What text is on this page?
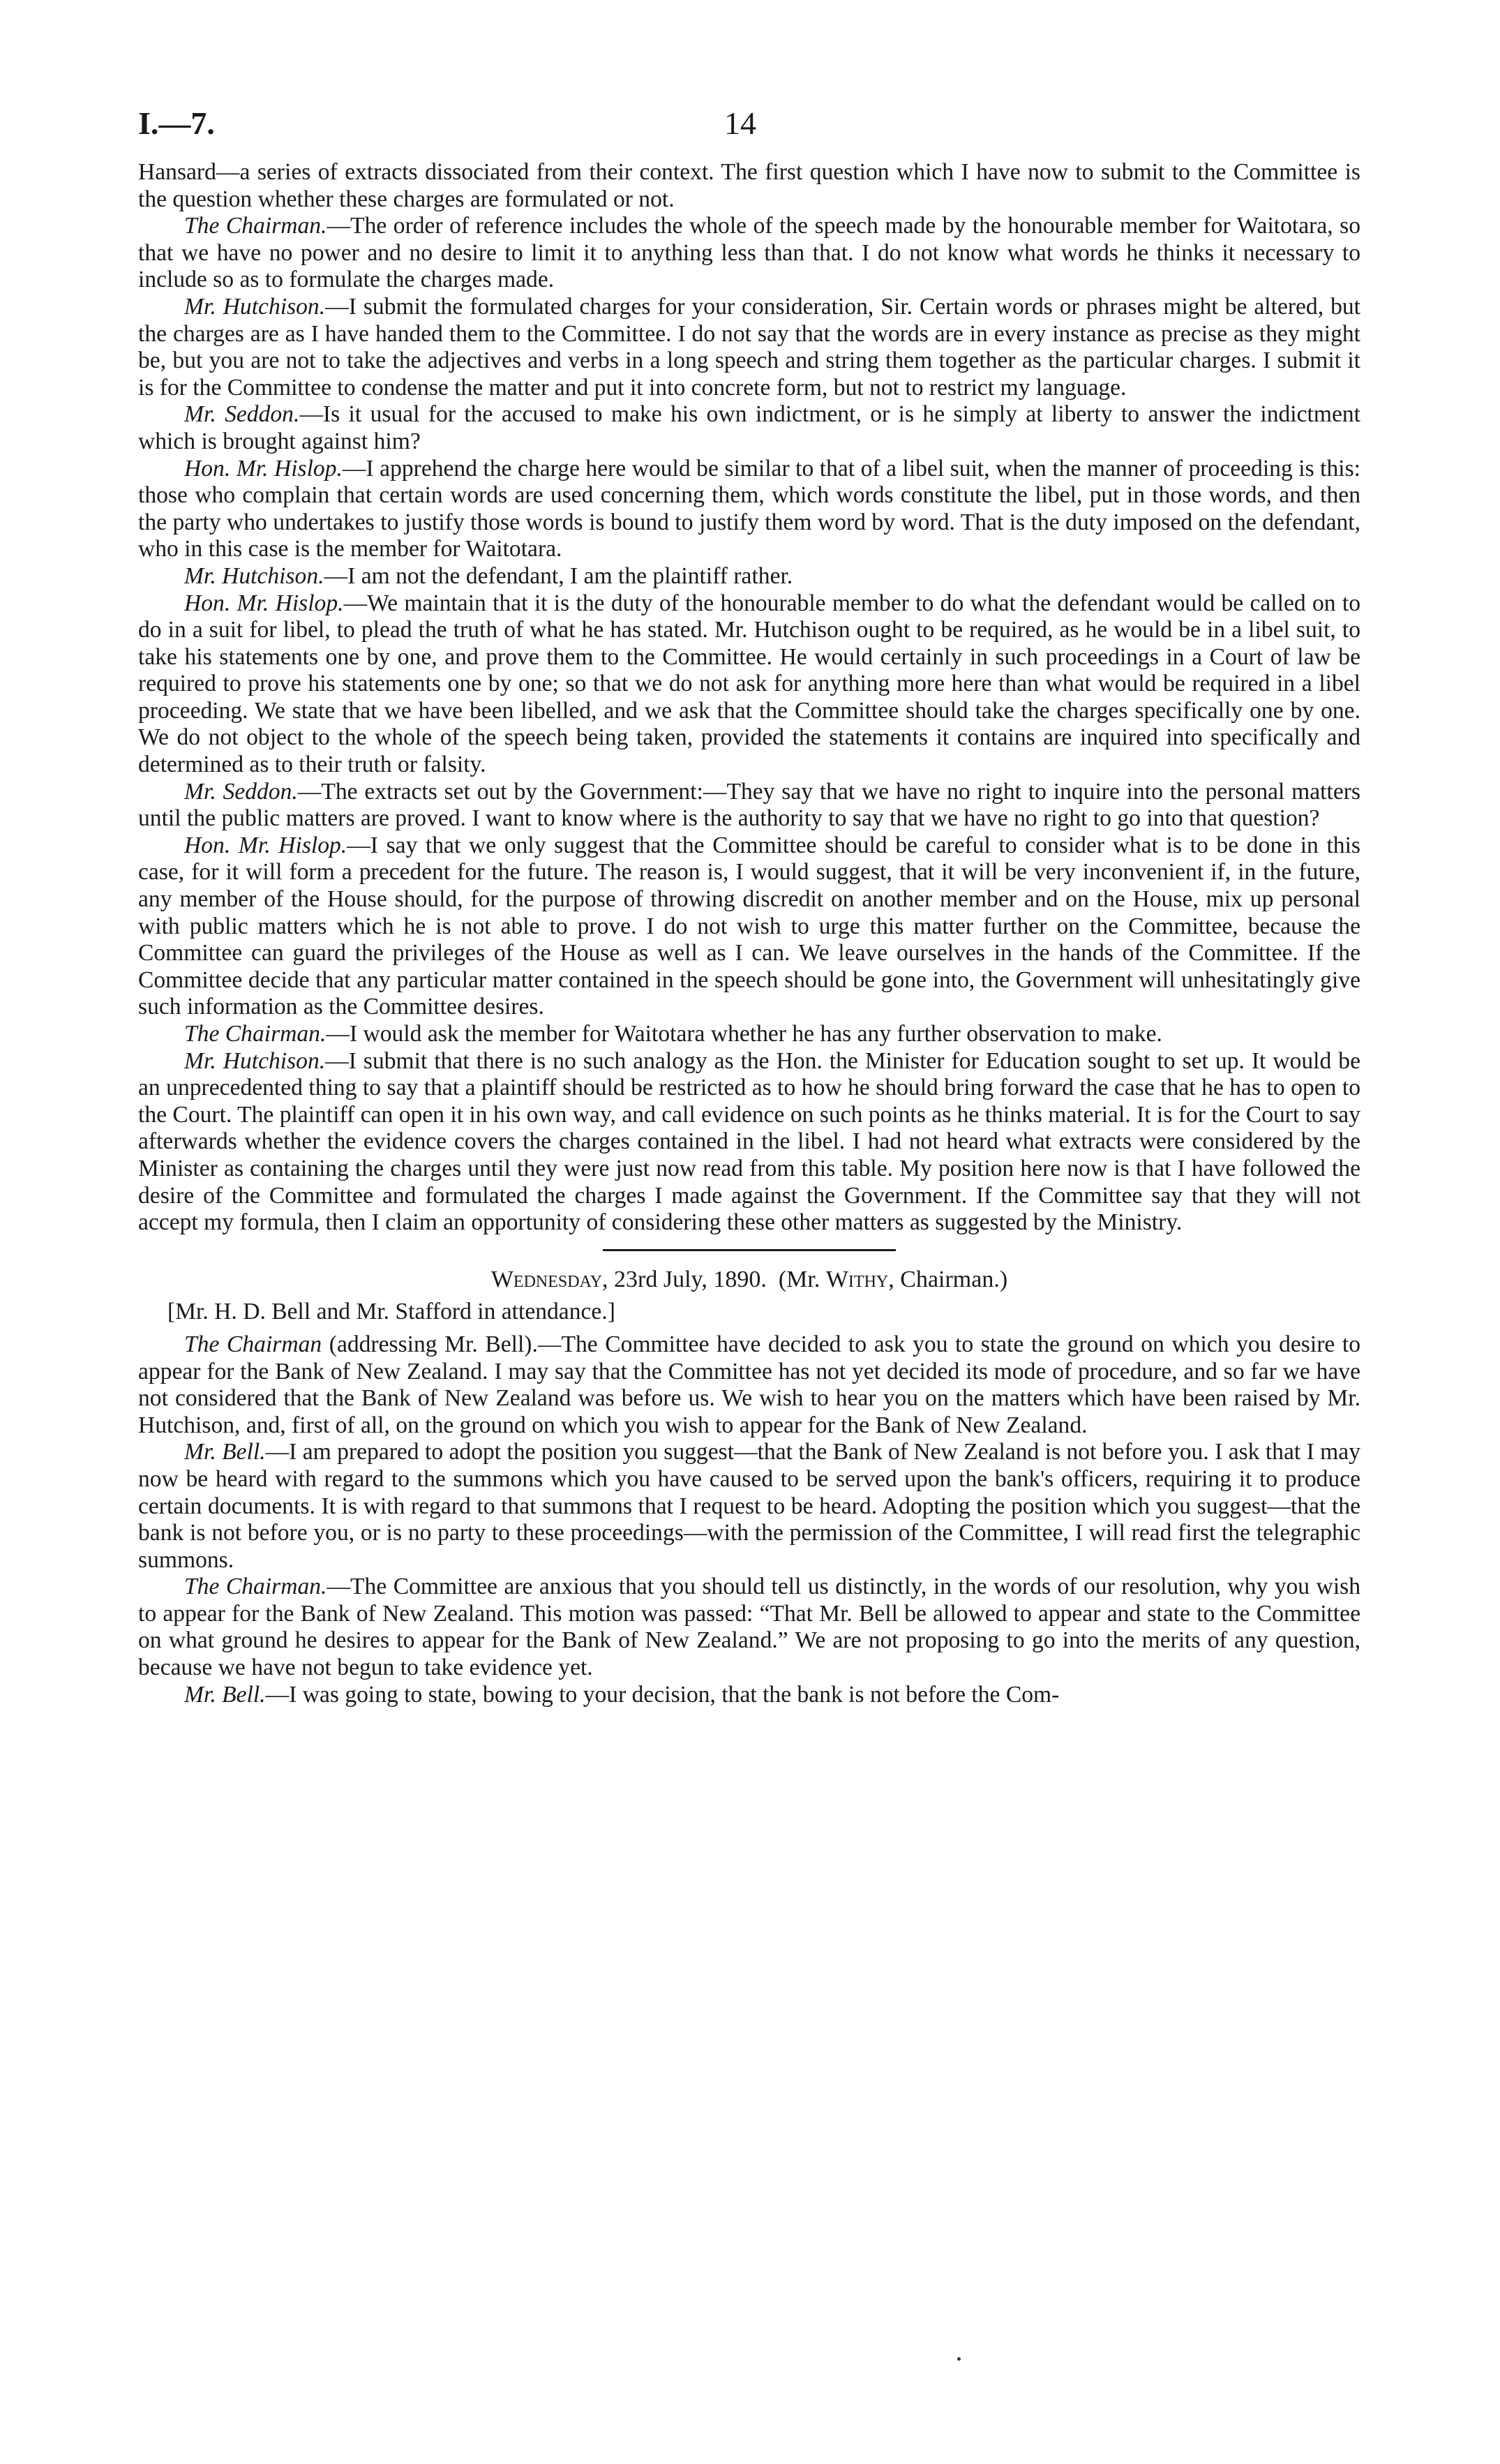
I.—7.	14

Hansard—a series of extracts dissociated from their context. The first question which I have now to submit to the Committee is the question whether these charges are formulated or not.

The Chairman.—The order of reference includes the whole of the speech made by the honourable member for Waitotara, so that we have no power and no desire to limit it to anything less than that. I do not know what words he thinks it necessary to include so as to formulate the charges made.

Mr. Hutchison.—I submit the formulated charges for your consideration, Sir. Certain words or phrases might be altered, but the charges are as I have handed them to the Committee. I do not say that the words are in every instance as precise as they might be, but you are not to take the adjectives and verbs in a long speech and string them together as the particular charges. I submit it is for the Committee to condense the matter and put it into concrete form, but not to restrict my language.

Mr. Seddon.—Is it usual for the accused to make his own indictment, or is he simply at liberty to answer the indictment which is brought against him?

Hon. Mr. Hislop.—I apprehend the charge here would be similar to that of a libel suit, when the manner of proceeding is this: those who complain that certain words are used concerning them, which words constitute the libel, put in those words, and then the party who undertakes to justify those words is bound to justify them word by word. That is the duty imposed on the defendant, who in this case is the member for Waitotara.

Mr. Hutchison.—I am not the defendant, I am the plaintiff rather.

Hon. Mr. Hislop.—We maintain that it is the duty of the honourable member to do what the defendant would be called on to do in a suit for libel, to plead the truth of what he has stated. Mr. Hutchison ought to be required, as he would be in a libel suit, to take his statements one by one, and prove them to the Committee. He would certainly in such proceedings in a Court of law be required to prove his statements one by one; so that we do not ask for anything more here than what would be required in a libel proceeding. We state that we have been libelled, and we ask that the Committee should take the charges specifically one by one. We do not object to the whole of the speech being taken, provided the statements it contains are inquired into specifically and determined as to their truth or falsity.

Mr. Seddon.—The extracts set out by the Government:—They say that we have no right to inquire into the personal matters until the public matters are proved. I want to know where is the authority to say that we have no right to go into that question?

Hon. Mr. Hislop.—I say that we only suggest that the Committee should be careful to consider what is to be done in this case, for it will form a precedent for the future. The reason is, I would suggest, that it will be very inconvenient if, in the future, any member of the House should, for the purpose of throwing discredit on another member and on the House, mix up personal with public matters which he is not able to prove. I do not wish to urge this matter further on the Committee, because the Committee can guard the privileges of the House as well as I can. We leave ourselves in the hands of the Committee. If the Committee decide that any particular matter contained in the speech should be gone into, the Government will unhesitatingly give such information as the Committee desires.

The Chairman.—I would ask the member for Waitotara whether he has any further observation to make.

Mr. Hutchison.—I submit that there is no such analogy as the Hon. the Minister for Education sought to set up. It would be an unprecedented thing to say that a plaintiff should be restricted as to how he should bring forward the case that he has to open to the Court. The plaintiff can open it in his own way, and call evidence on such points as he thinks material. It is for the Court to say afterwards whether the evidence covers the charges contained in the libel. I had not heard what extracts were considered by the Minister as containing the charges until they were just now read from this table. My position here now is that I have followed the desire of the Committee and formulated the charges I made against the Government. If the Committee say that they will not accept my formula, then I claim an opportunity of considering these other matters as suggested by the Ministry.

Wednesday, 23rd July, 1890. (Mr. Withy, Chairman.)

[Mr. H. D. Bell and Mr. Stafford in attendance.]

The Chairman (addressing Mr. Bell).—The Committee have decided to ask you to state the ground on which you desire to appear for the Bank of New Zealand. I may say that the Committee has not yet decided its mode of procedure, and so far we have not considered that the Bank of New Zealand was before us. We wish to hear you on the matters which have been raised by Mr. Hutchison, and, first of all, on the ground on which you wish to appear for the Bank of New Zealand.

Mr. Bell.—I am prepared to adopt the position you suggest—that the Bank of New Zealand is not before you. I ask that I may now be heard with regard to the summons which you have caused to be served upon the bank's officers, requiring it to produce certain documents. It is with regard to that summons that I request to be heard. Adopting the position which you suggest—that the bank is not before you, or is no party to these proceedings—with the permission of the Committee, I will read first the telegraphic summons.

The Chairman.—The Committee are anxious that you should tell us distinctly, in the words of our resolution, why you wish to appear for the Bank of New Zealand. This motion was passed: “That Mr. Bell be allowed to appear and state to the Committee on what ground he desires to appear for the Bank of New Zealand.” We are not proposing to go into the merits of any question, because we have not begun to take evidence yet.

Mr. Bell.—I was going to state, bowing to your decision, that the bank is not before the Com-
